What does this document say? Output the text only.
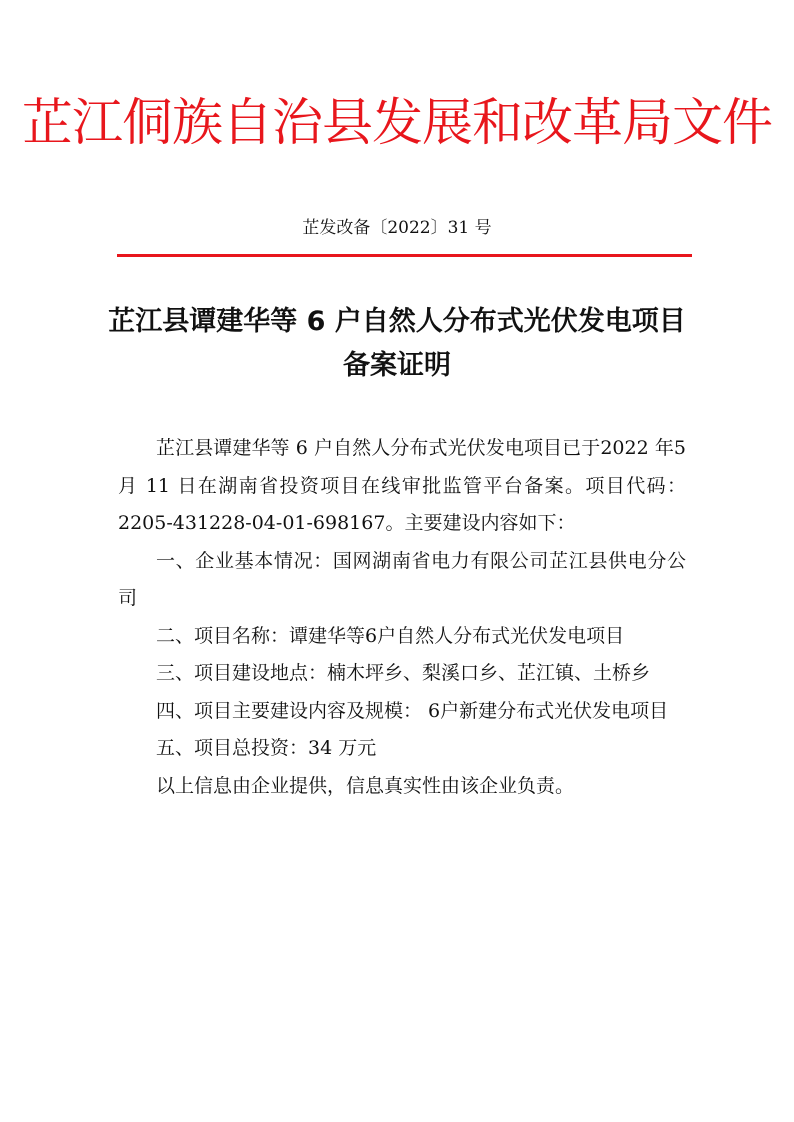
芷江侗族自治县发展和改革局文件
芷发改备〔2022〕31 号
芷江县谭建华等 6 户自然人分布式光伏发电项目
备案证明

芷江县谭建华等 6 户自然人分布式光伏发电项目已于2022 年5 月 11 日在湖南省投资项目在线审批监管平台备案。项目代码：2205-431228-04-01-698167。主要建设内容如下：

一、企业基本情况：国网湖南省电力有限公司芷江县供电分公司

二、项目名称：谭建华等6户自然人分布式光伏发电项目

三、项目建设地点：楠木坪乡、梨溪口乡、芷江镇、土桥乡

四、项目主要建设内容及规模： 6户新建分布式光伏发电项目

五、项目总投资：34 万元

以上信息由企业提供，信息真实性由该企业负责。
